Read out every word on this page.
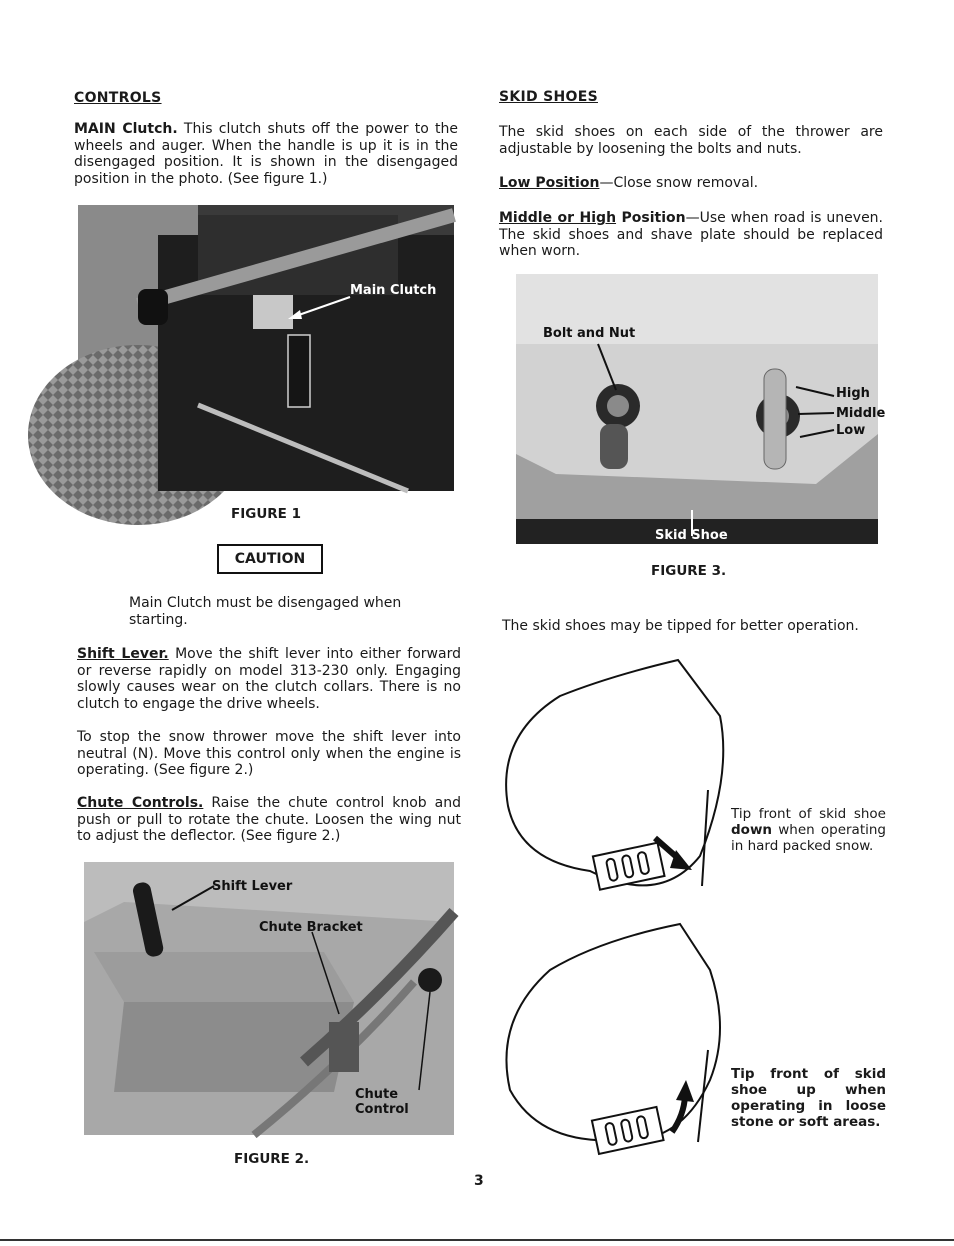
CONTROLS
MAIN Clutch. This clutch shuts off the power to the wheels and auger. When the handle is up it is in the disengaged position. It is shown in the disengaged position in the photo. (See figure 1.)
Main Clutch
FIGURE 1
CAUTION
Main Clutch must be disengaged when starting.
Shift Lever. Move the shift lever into either forward or reverse rapidly on model 313-230 only. Engaging slowly causes wear on the clutch collars. There is no clutch to engage the drive wheels.
To stop the snow thrower move the shift lever into neutral (N). Move this control only when the engine is operating. (See figure 2.)
Chute Controls. Raise the chute control knob and push or pull to rotate the chute. Loosen the wing nut to adjust the deflector. (See figure 2.)
Shift Lever
Chute Bracket
Chute Control
FIGURE 2.
SKID SHOES
The skid shoes on each side of the thrower are adjustable by loosening the bolts and nuts.
Low Position—Close snow removal.
Middle or High Position—Use when road is uneven. The skid shoes and shave plate should be replaced when worn.
Bolt and Nut
High
Middle
Low
Skid Shoe
FIGURE 3.
The skid shoes may be tipped for better operation.
Tip front of skid shoe down when operating in hard packed snow.
Tip front of skid shoe up when operating in loose stone or soft areas.
3
